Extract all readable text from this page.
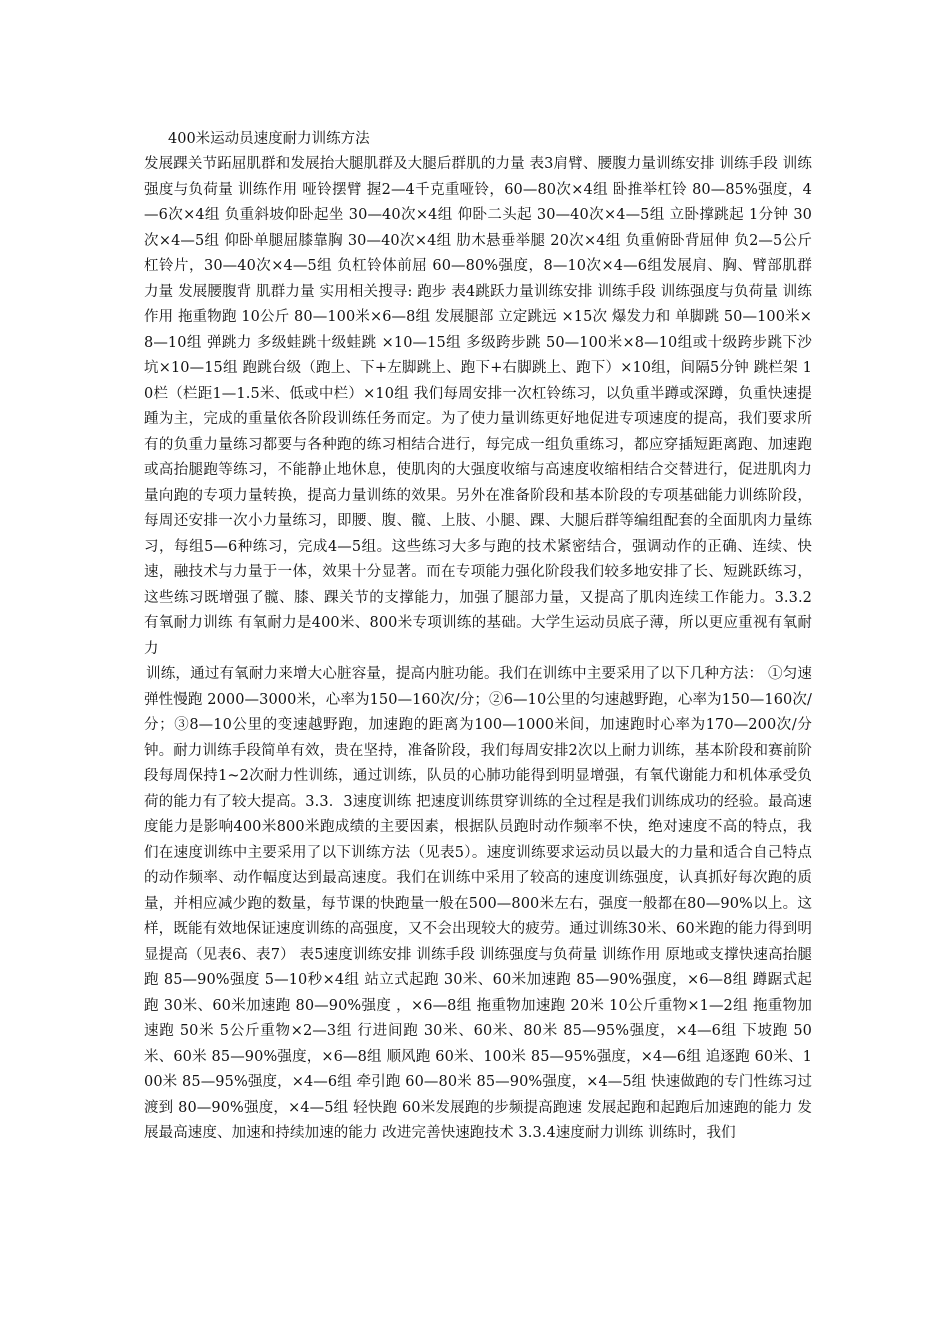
400米运动员速度耐力训练方法

发展踝关节跖屈肌群和发展抬大腿肌群及大腿后群肌的力量 表3肩臂、腰腹力量训练安排 训练手段 训练强度与负荷量 训练作用 哑铃摆臂 握2—4千克重哑铃，60—80次×4组 卧推举杠铃 80—85%强度，4—6次×4组 负重斜坡仰卧起坐 30—40次×4组 仰卧二头起 30—40次×4—5组 立卧撑跳起 1分钟 30次×4—5组 仰卧单腿屈膝靠胸 30—40次×4组 肋木悬垂举腿 20次×4组 负重俯卧背屈伸 负2—5公斤杠铃片，30—40次×4—5组 负杠铃体前屈 60—80%强度，8—10次×4—6组发展肩、胸、臂部肌群力量 发展腰腹背 肌群力量 实用相关搜寻: 跑步 表4跳跃力量训练安排 训练手段 训练强度与负荷量 训练作用 拖重物跑 10公斤 80—100米×6—8组 发展腿部 立定跳远 ×15次 爆发力和 单脚跳 50—100米×8—10组 弹跳力 多级蛙跳十级蛙跳 ×10—15组 多级跨步跳 50—100米×8—10组或十级跨步跳下沙坑×10—15组 跑跳台级（跑上、下+左脚跳上、跑下+右脚跳上、跑下）×10组，间隔5分钟 跳栏架 10栏（栏距1—1.5米、低或中栏）×10组 我们每周安排一次杠铃练习，以负重半蹲或深蹲，负重快速提踵为主，完成的重量依各阶段训练任务而定。为了使力量训练更好地促进专项速度的提高，我们要求所有的负重力量练习都要与各种跑的练习相结合进行，每完成一组负重练习，都应穿插短距离跑、加速跑或高抬腿跑等练习，不能静止地休息，使肌肉的大强度收缩与高速度收缩相结合交替进行，促进肌肉力量向跑的专项力量转换，提高力量训练的效果。另外在准备阶段和基本阶段的专项基础能力训练阶段，每周还安排一次小力量练习，即腰、腹、髋、上肢、小腿、踝、大腿后群等编组配套的全面肌肉力量练习，每组5—6种练习，完成4—5组。这些练习大多与跑的技术紧密结合，强调动作的正确、连续、快速，融技术与力量于一体，效果十分显著。而在专项能力强化阶段我们较多地安排了长、短跳跃练习，这些练习既增强了髋、膝、踝关节的支撑能力，加强了腿部力量，又提高了肌肉连续工作能力。3.3.2 有氧耐力训练 有氧耐力是400米、800米专项训练的基础。大学生运动员底子薄，所以更应重视有氧耐力

训练，通过有氧耐力来增大心脏容量，提高内脏功能。我们在训练中主要采用了以下几种方法： ①匀速弹性慢跑 2000—3000米，心率为150—160次/分；②6—10公里的匀速越野跑，心率为150—160次/分；③8—10公里的变速越野跑，加速跑的距离为100—1000米间，加速跑时心率为170—200次/分钟。耐力训练手段简单有效，贵在坚持，准备阶段，我们每周安排2次以上耐力训练，基本阶段和赛前阶段每周保持1~2次耐力性训练，通过训练，队员的心肺功能得到明显增强，有氧代谢能力和机体承受负荷的能力有了较大提高。3.3．3速度训练 把速度训练贯穿训练的全过程是我们训练成功的经验。最高速度能力是影响400米800米跑成绩的主要因素，根据队员跑时动作频率不快，绝对速度不高的特点，我们在速度训练中主要采用了以下训练方法（见表5）。速度训练要求运动员以最大的力量和适合自己特点的动作频率、动作幅度达到最高速度。我们在训练中采用了较高的速度训练强度，认真抓好每次跑的质量，并相应减少跑的数量，每节课的快跑量一般在500—800米左右，强度一般都在80—90%以上。这样，既能有效地保证速度训练的高强度，又不会出现较大的疲劳。通过训练30米、60米跑的能力得到明显提高（见表6、表7） 表5速度训练安排 训练手段 训练强度与负荷量 训练作用 原地或支撑快速高抬腿跑 85—90%强度 5—10秒×4组 站立式起跑 30米、60米加速跑 85—90%强度，×6—8组 蹲踞式起跑 30米、60米加速跑 80—90%强度 ，×6—8组 拖重物加速跑 20米 10公斤重物×1—2组 拖重物加速跑 50米 5公斤重物×2—3组 行进间跑 30米、60米、80米 85—95%强度，×4—6组 下坡跑 50米、60米 85—90%强度，×6—8组 顺风跑 60米、100米 85—95%强度，×4—6组 追逐跑 60米、100米 85—95%强度，×4—6组 牵引跑 60—80米 85—90%强度，×4—5组 快速做跑的专门性练习过渡到 80—90%强度，×4—5组 轻快跑 60米发展跑的步频提高跑速 发展起跑和起跑后加速跑的能力 发展最高速度、加速和持续加速的能力 改进完善快速跑技术 3.3.4速度耐力训练 训练时，我们
